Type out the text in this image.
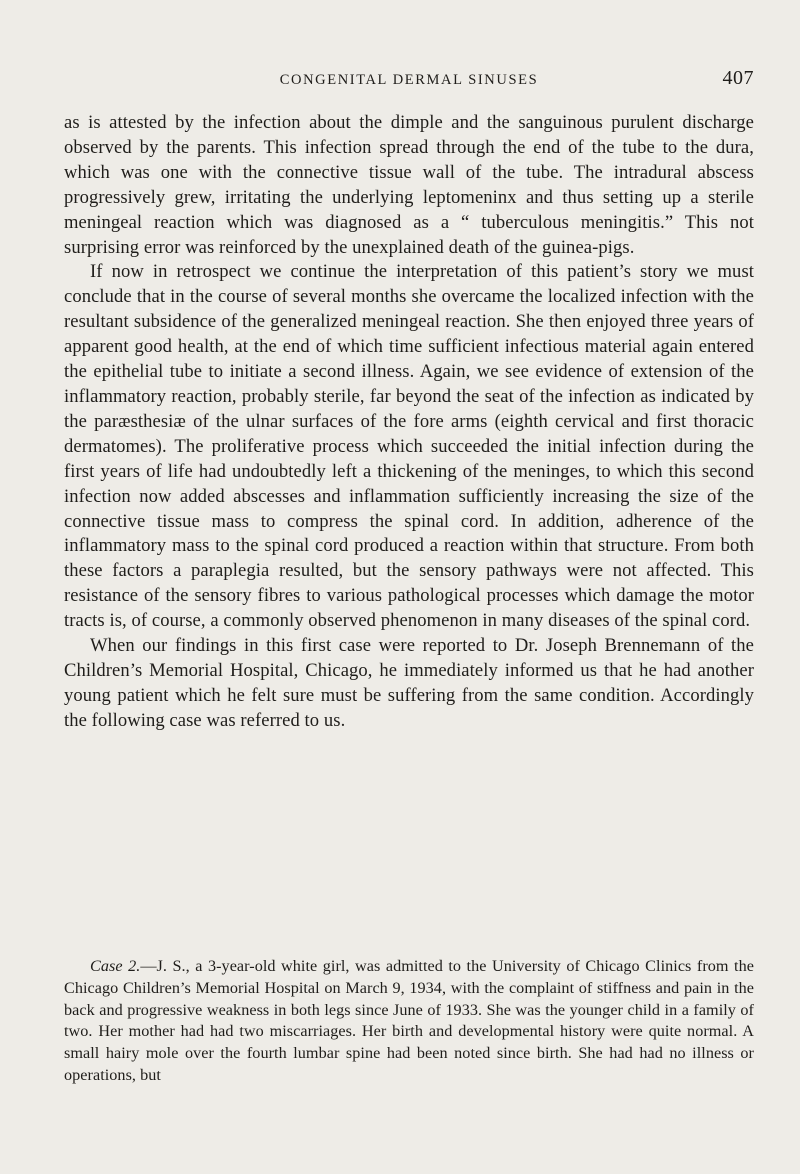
CONGENITAL DERMAL SINUSES	407

as is attested by the infection about the dimple and the sanguinous purulent discharge observed by the parents. This infection spread through the end of the tube to the dura, which was one with the connective tissue wall of the tube. The intradural abscess progressively grew, irritating the underlying leptomeninx and thus setting up a sterile meningeal reaction which was diagnosed as a “ tuberculous meningitis.” This not surprising error was reinforced by the unexplained death of the guinea-pigs.

If now in retrospect we continue the interpretation of this patient’s story we must conclude that in the course of several months she overcame the localized infection with the resultant subsidence of the generalized meningeal reaction. She then enjoyed three years of apparent good health, at the end of which time sufficient infectious material again entered the epithelial tube to initiate a second illness. Again, we see evidence of extension of the inflammatory reaction, probably sterile, far beyond the seat of the infection as indicated by the paræsthesiæ of the ulnar surfaces of the fore arms (eighth cervical and first thoracic dermatomes). The proliferative process which succeeded the initial infection during the first years of life had undoubtedly left a thickening of the meninges, to which this second infection now added abscesses and inflammation sufficiently increasing the size of the connective tissue mass to compress the spinal cord. In addition, adherence of the inflammatory mass to the spinal cord produced a reaction within that structure. From both these factors a paraplegia resulted, but the sensory pathways were not affected. This resistance of the sensory fibres to various pathological processes which damage the motor tracts is, of course, a commonly observed phenomenon in many diseases of the spinal cord.

When our findings in this first case were reported to Dr. Joseph Brennemann of the Children’s Memorial Hospital, Chicago, he immediately informed us that he had another young patient which he felt sure must be suffering from the same condition. Accordingly the following case was referred to us.

Case 2.—J. S., a 3-year-old white girl, was admitted to the University of Chicago Clinics from the Chicago Children’s Memorial Hospital on March 9, 1934, with the complaint of stiffness and pain in the back and progressive weakness in both legs since June of 1933. She was the younger child in a family of two. Her mother had had two miscarriages. Her birth and developmental history were quite normal. A small hairy mole over the fourth lumbar spine had been noted since birth. She had had no illness or operations, but
